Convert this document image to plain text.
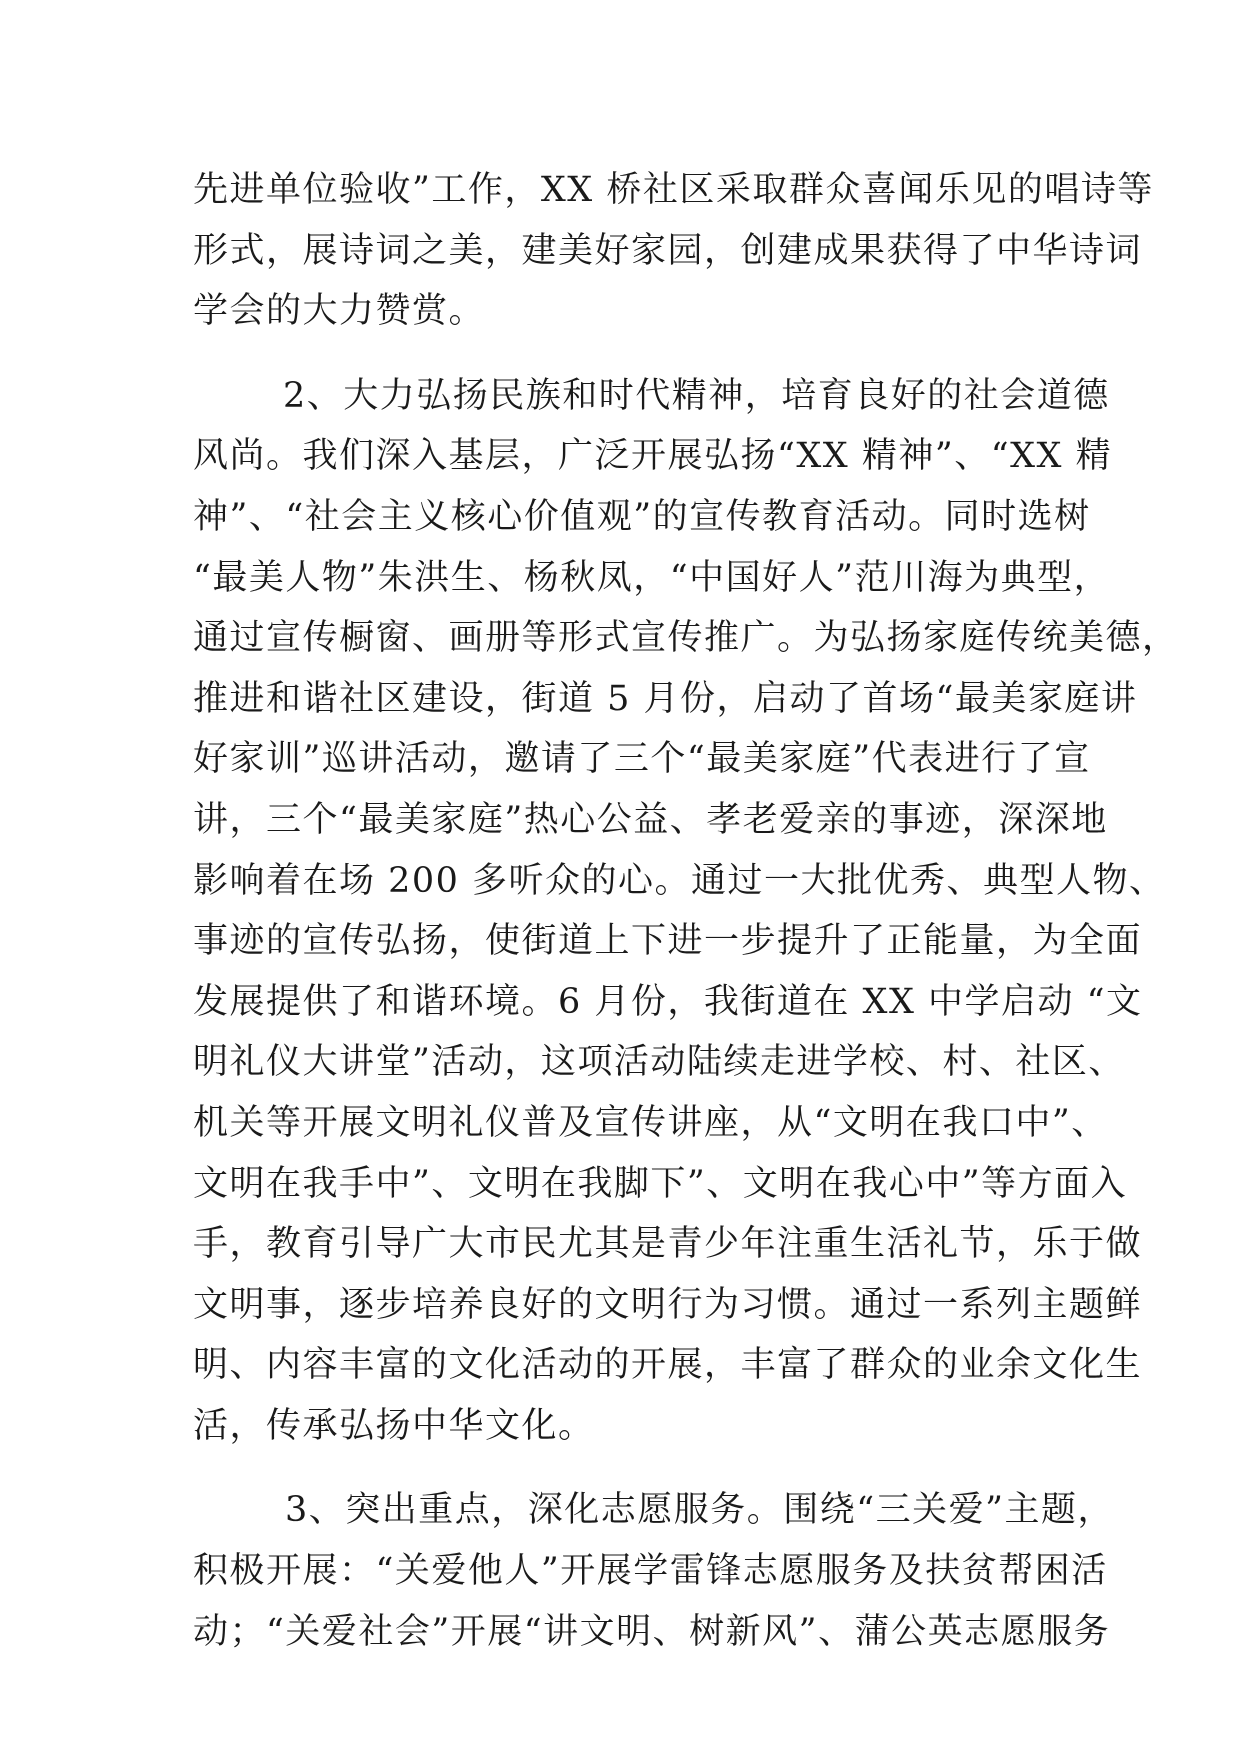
先进单位验收”工作，XX 桥社区采取群众喜闻乐见的唱诗等
形式，展诗词之美，建美好家园，创建成果获得了中华诗词
学会的大力赞赏。
2、大力弘扬民族和时代精神，培育良好的社会道德
风尚。我们深入基层，广泛开展弘扬“XX 精神”、“XX 精
神”、“社会主义核心价值观”的宣传教育活动。同时选树
“最美人物”朱洪生、杨秋凤，“中国好人”范川海为典型，
通过宣传橱窗、画册等形式宣传推广。为弘扬家庭传统美德，
推进和谐社区建设，街道 5 月份，启动了首场“最美家庭讲
好家训”巡讲活动，邀请了三个“最美家庭”代表进行了宣
讲，三个“最美家庭”热心公益、孝老爱亲的事迹，深深地
影响着在场 200 多听众的心。通过一大批优秀、典型人物、
事迹的宣传弘扬，使街道上下进一步提升了正能量，为全面
发展提供了和谐环境。6 月份，我街道在 XX 中学启动 “文
明礼仪大讲堂”活动，这项活动陆续走进学校、村、社区、
机关等开展文明礼仪普及宣传讲座，从“文明在我口中”、
文明在我手中”、文明在我脚下”、文明在我心中”等方面入
手，教育引导广大市民尤其是青少年注重生活礼节，乐于做
文明事，逐步培养良好的文明行为习惯。通过一系列主题鲜
明、内容丰富的文化活动的开展，丰富了群众的业余文化生
活，传承弘扬中华文化。
3、突出重点，深化志愿服务。围绕“三关爱”主题，
积极开展：“关爱他人”开展学雷锋志愿服务及扶贫帮困活
动；“关爱社会”开展“讲文明、树新风”、蒲公英志愿服务
